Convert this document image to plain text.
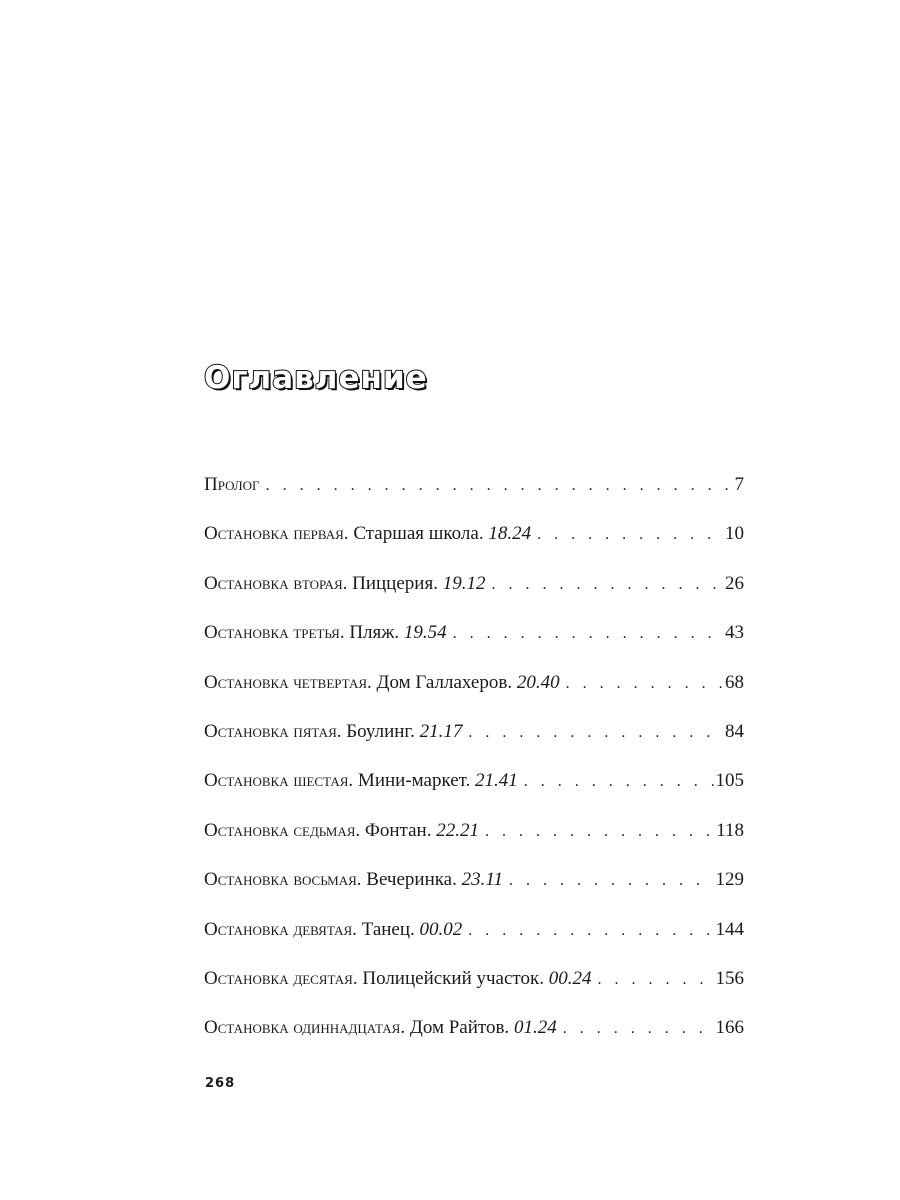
Оглавление
Пролог . . .	7
Остановка первая. Старшая школа. 18.24 . . .	10
Остановка вторая. Пиццерия. 19.12 . . .	26
Остановка третья. Пляж. 19.54 . . .	43
Остановка четвертая. Дом Галлахеров. 20.40 . . .	68
Остановка пятая. Боулинг. 21.17 . . .	84
Остановка шестая. Мини-маркет. 21.41 . . .	105
Остановка седьмая. Фонтан. 22.21 . . .	118
Остановка восьмая. Вечеринка. 23.11 . . .	129
Остановка девятая. Танец. 00.02 . . .	144
Остановка десятая. Полицейский участок. 00.24 . . .	156
Остановка одиннадцатая. Дом Райтов. 01.24 . . .	166
268
